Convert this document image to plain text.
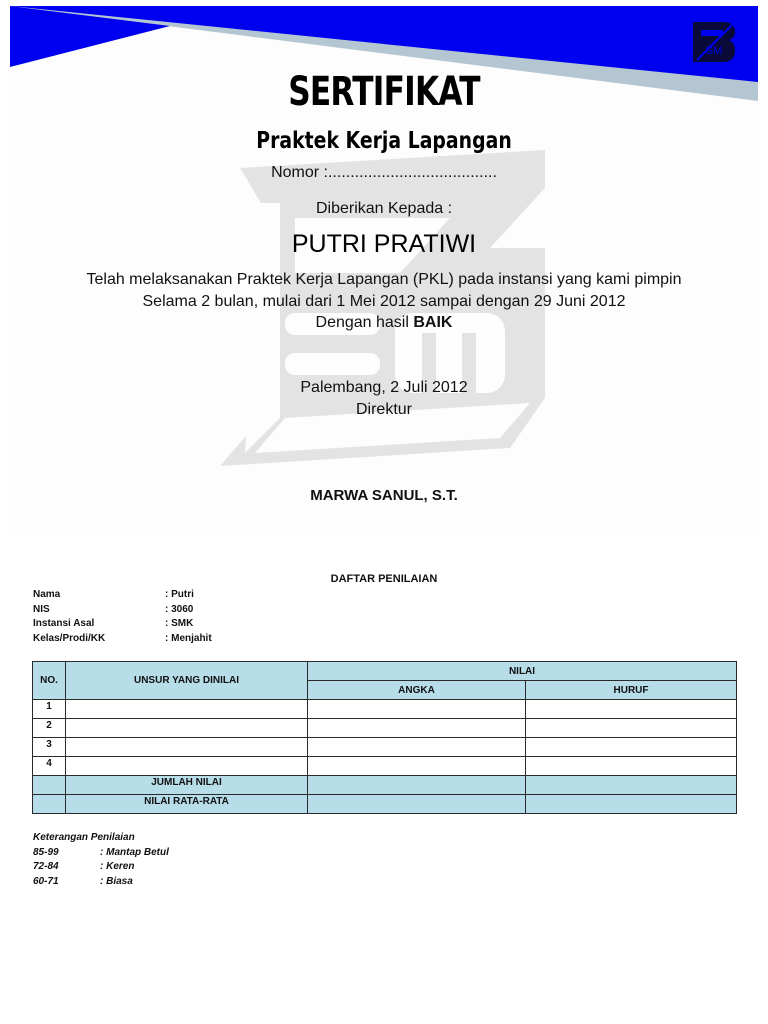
SM
SERTIFIKAT
Praktek Kerja Lapangan
Nomor :......................................
Diberikan Kepada :
PUTRI PRATIWI
Telah melaksanakan Praktek Kerja Lapangan (PKL) pada instansi yang kami pimpin
Selama 2 bulan, mulai dari 1 Mei 2012 sampai dengan 29 Juni 2012
Dengan hasil BAIK
Palembang, 2 Juli 2012
Direktur
MARWA SANUL, S.T.
DAFTAR PENILAIAN
Nama	: Putri
NIS	: 3060
Instansi Asal	: SMK
Kelas/Prodi/KK	: Menjahit
NO.	UNSUR YANG DINILAI	NILAI	
		ANGKA	HURUF
1			
2			
3			
4			
	JUMLAH NILAI		
	NILAI RATA-RATA		
Keterangan Penilaian
85-99	: Mantap Betul
72-84	: Keren
60-71	: Biasa
